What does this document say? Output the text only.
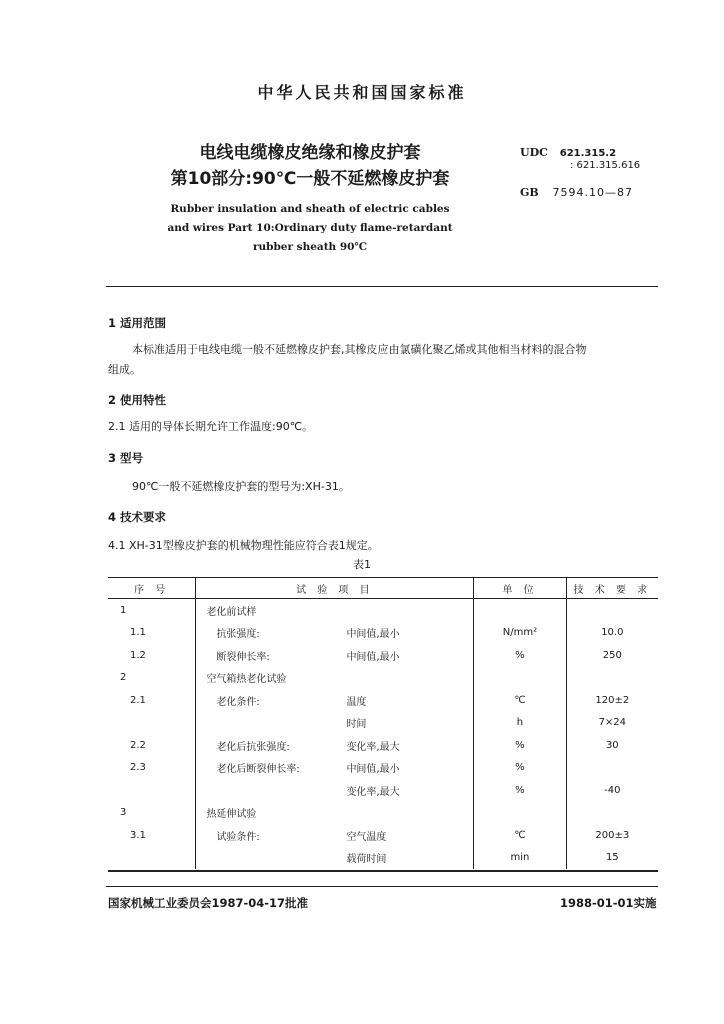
中华人民共和国国家标准
电线电缆橡皮绝缘和橡皮护套
第10部分:90℃一般不延燃橡皮护套
Rubber insulation and sheath of electric cables
and wires Part 10:Ordinary duty flame-retardant
rubber sheath 90℃
UDC 621.315.2
: 621.315.616
GB 7594.10—87
1 适用范围
本标准适用于电线电缆一般不延燃橡皮护套,其橡皮应由氯磺化聚乙烯或其他相当材料的混合物
组成。
2 使用特性
2.1 适用的导体长期允许工作温度:90℃。
3 型号
90℃一般不延燃橡皮护套的型号为:XH-31。
4 技术要求
4.1 XH-31型橡皮护套的机械物理性能应符合表1规定。
表1
序 号	试 验 项 目	单 位	技 术 要 求

1	老化前试样		

1.1	抗张强度: 中间值,最小	N/mm²	10.0

1.2	断裂伸长率: 中间值,最小	%	250

2	空气箱热老化试验		

2.1	老化条件: 温度	℃	120±2

	时间	h	7×24

2.2	老化后抗张强度: 变化率,最大	%	30

2.3	老化后断裂伸长率: 中间值,最小	%	

	变化率,最大	%	-40

3	热延伸试验		

3.1	试验条件: 空气温度	℃	200±3

	载荷时间	min	15
国家机械工业委员会1987-04-17批准	1988-01-01实施
